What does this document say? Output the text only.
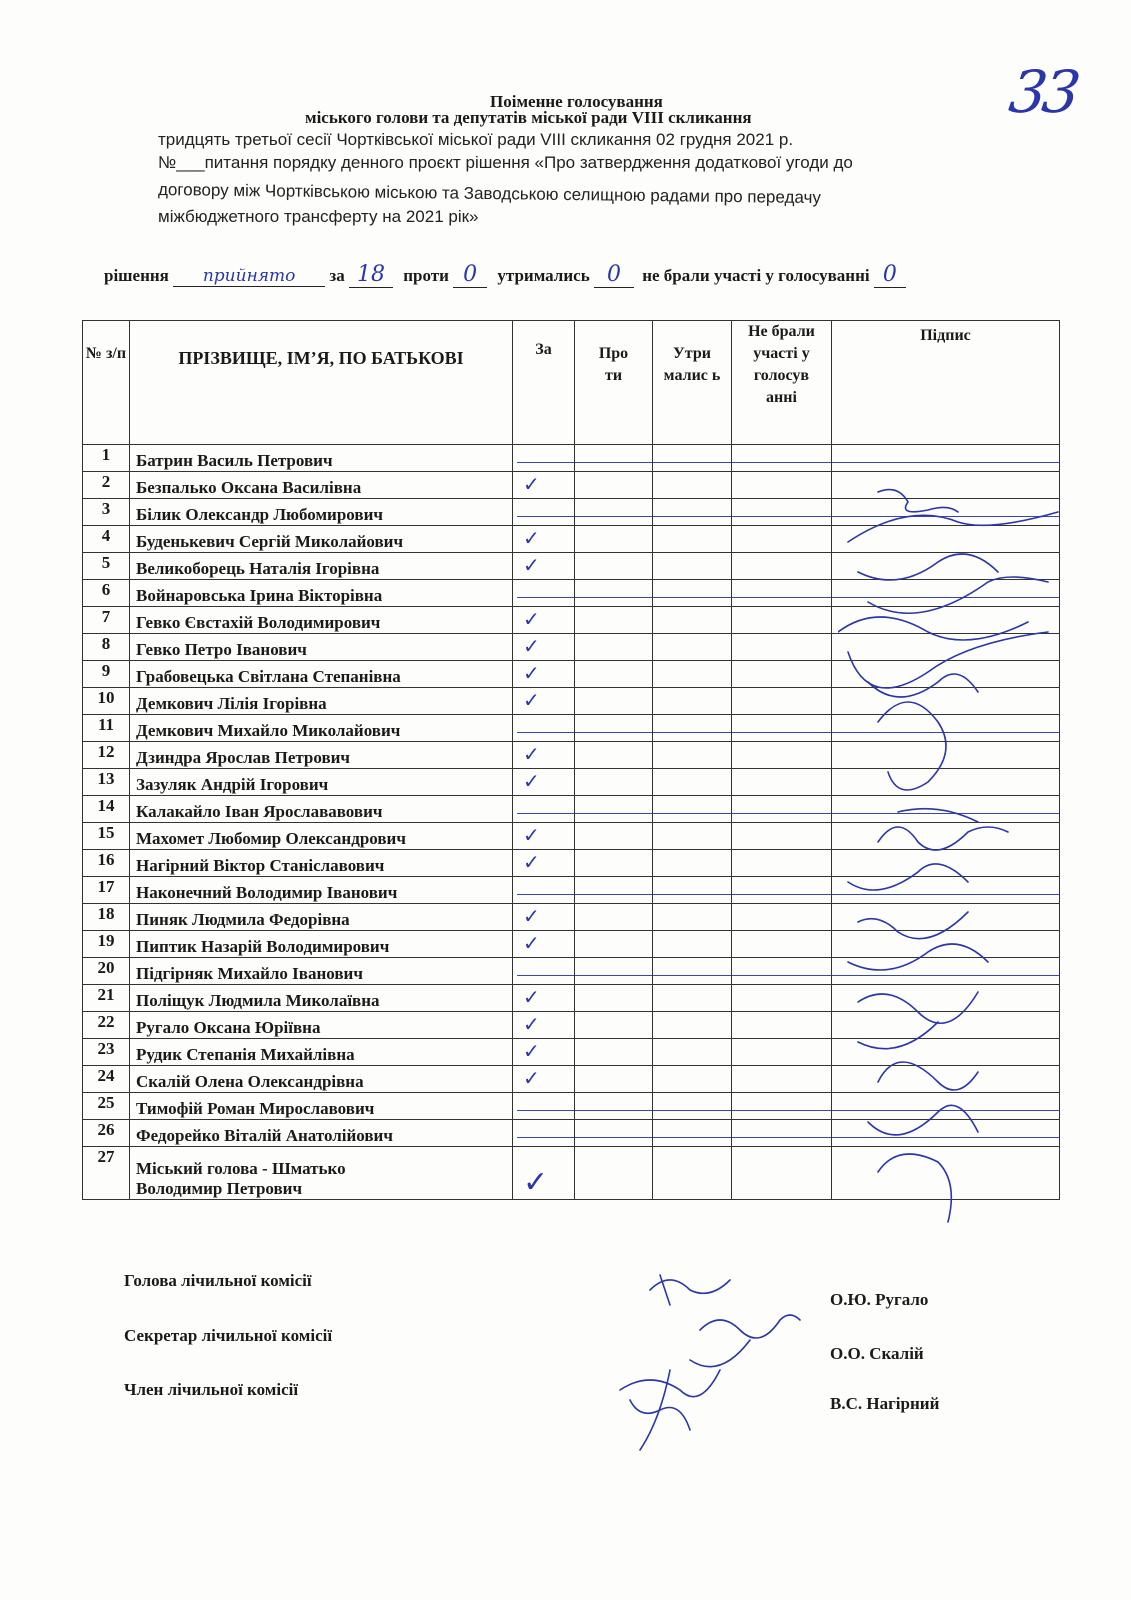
33
Поіменне голосування
міського голови та депутатів міської ради VIII скликання
тридцять третьої сесії Чортківської міської ради VIII скликання 02 грудня 2021 р.
№___питання порядку денного проєкт рішення «Про затвердження додаткової угоди до
договору між Чортківською міською та Заводською селищною радами про передачу
міжбюджетного трансферту на 2021 рік»
рішення прийнято за 18 проти 0 утримались 0 не брали участі у голосуванні 0
№ з/п	ПРІЗВИЩЕ, ІМ’Я, ПО БАТЬКОВІ	За	Про ти	Утри малис ь	Не брали участі у голосув анні	Підпис
1	Батрин Василь Петрович	

2	Безпалько Оксана Василівна	✓				

3	Білик Олександр Любомирович	

4	Буденькевич Сергій Миколайович	✓				

5	Великоборець Наталія Ігорівна	✓				

6	Войнаровська Ірина Вікторівна	

7	Гевко Євстахій Володимирович	✓				

8	Гевко Петро Іванович	✓				

9	Грабовецька Світлана Степанівна	✓				

10	Демкович Лілія Ігорівна	✓				

11	Демкович Михайло Миколайович	

12	Дзиндра Ярослав Петрович	✓				

13	Зазуляк Андрій Ігорович	✓				

14	Калакайло Іван Ярослававович	

15	Махомет Любомир Олександрович	✓				

16	Нагірний Віктор Станіславович	✓				

17	Наконечний Володимир Іванович	

18	Пиняк Людмила Федорівна	✓				

19	Пиптик Назарій Володимирович	✓				

20	Підгірняк Михайло Іванович	

21	Поліщук Людмила Миколаївна	✓				

22	Ругало Оксана Юріївна	✓				

23	Рудик Степанія Михайлівна	✓				

24	Скалій Олена Олександрівна	✓				

25	Тимофій Роман Мирославович	

26	Федорейко Віталій Анатолійович	

27	Міський голова - Шматько Володимир Петрович	✓				

Голова лічильної комісії
О.Ю. Ругало
Секретар лічильної комісії
О.О. Скалій
Член лічильної комісії
В.С. Нагірний
